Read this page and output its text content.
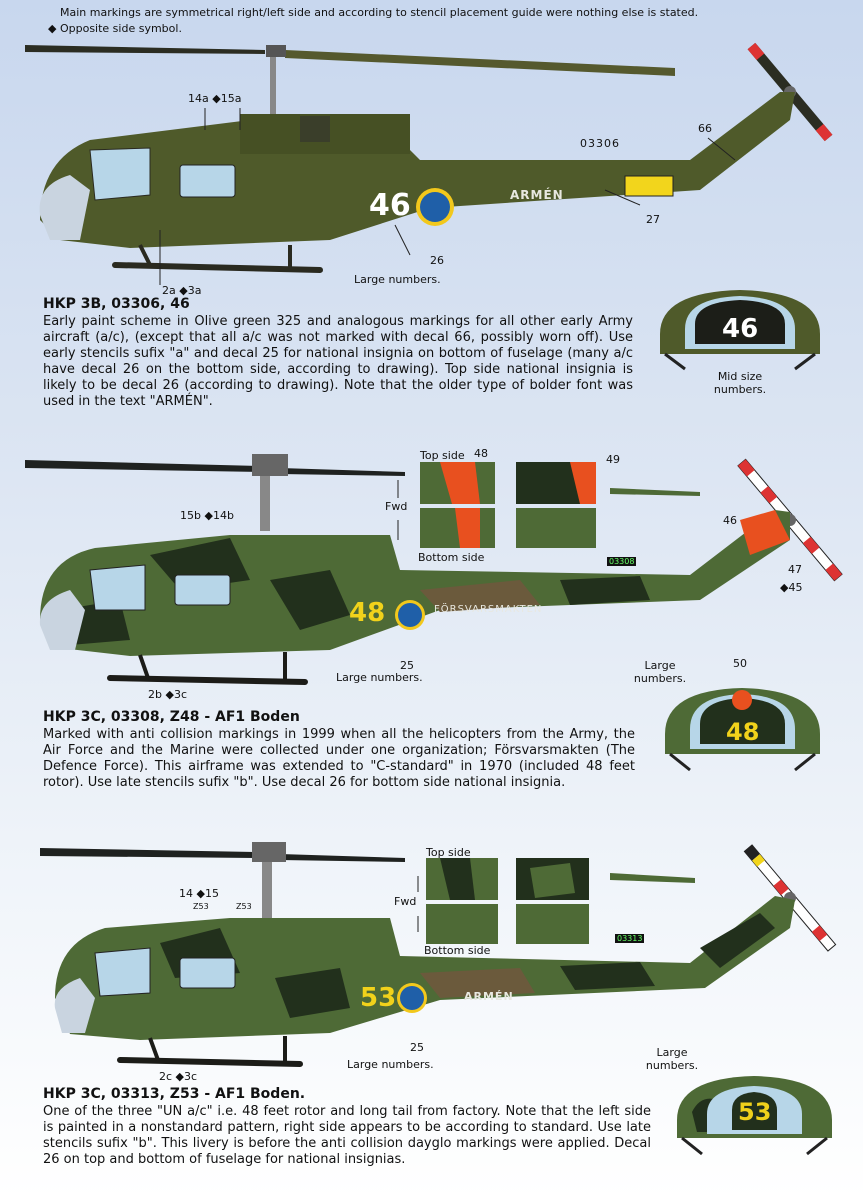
Main markings are symmetrical right/left side and according to stencil placement guide were nothing else is stated.
◆ Opposite side symbol.
46
03306
ARMÉN
14a ◆15a
2a ◆3a
66
27
26
Large numbers.
HKP 3B, 03306, 46
Early paint scheme in Olive green 325 and analogous markings for all other early Army aircraft (a/c), (except that all a/c was not marked with decal 66, possibly worn off). Use early stencils sufix "a" and decal 25 for national insignia on bottom of fuselage (many a/c have decal 26 on the bottom side, according to drawing). Top side national insignia is likely to be decal 26 (according to drawing). Note that the older type of bolder font was used in the text "ARMÉN".
46
Mid size numbers.
48	FÖRSVARSMAKTEN
03308
Top side
Bottom side
Fwd
48	49
15b ◆14b
2b ◆3c
46
47
◆45
25
Large numbers.
HKP 3C, 03308, Z48 - AF1 Boden
Marked with anti collision markings in 1999 when all the helicopters from the Army, the Air Force and the Marine were collected under one organization; Försvarsmakten (The Defence Force). This airframe was extended to "C-standard" in 1970 (included 48 feet rotor). Use late stencils sufix "b". Use decal 26 for bottom side national insignia.
Large numbers.
50
48
53	ARMÉN
03313
Top side
Bottom side
Fwd
14 ◆15
Z53	Z53
2c ◆3c
25
Large numbers.
HKP 3C, 03313, Z53 - AF1 Boden.
One of the three "UN a/c" i.e. 48 feet rotor and long tail from factory. Note that the left side is painted in a nonstandard pattern, right side appears to be according to standard. Use late stencils sufix "b". This livery is before the anti collision dayglo markings were applied. Decal 26 on top and bottom of fuselage for national insignias.
Large numbers.
53
